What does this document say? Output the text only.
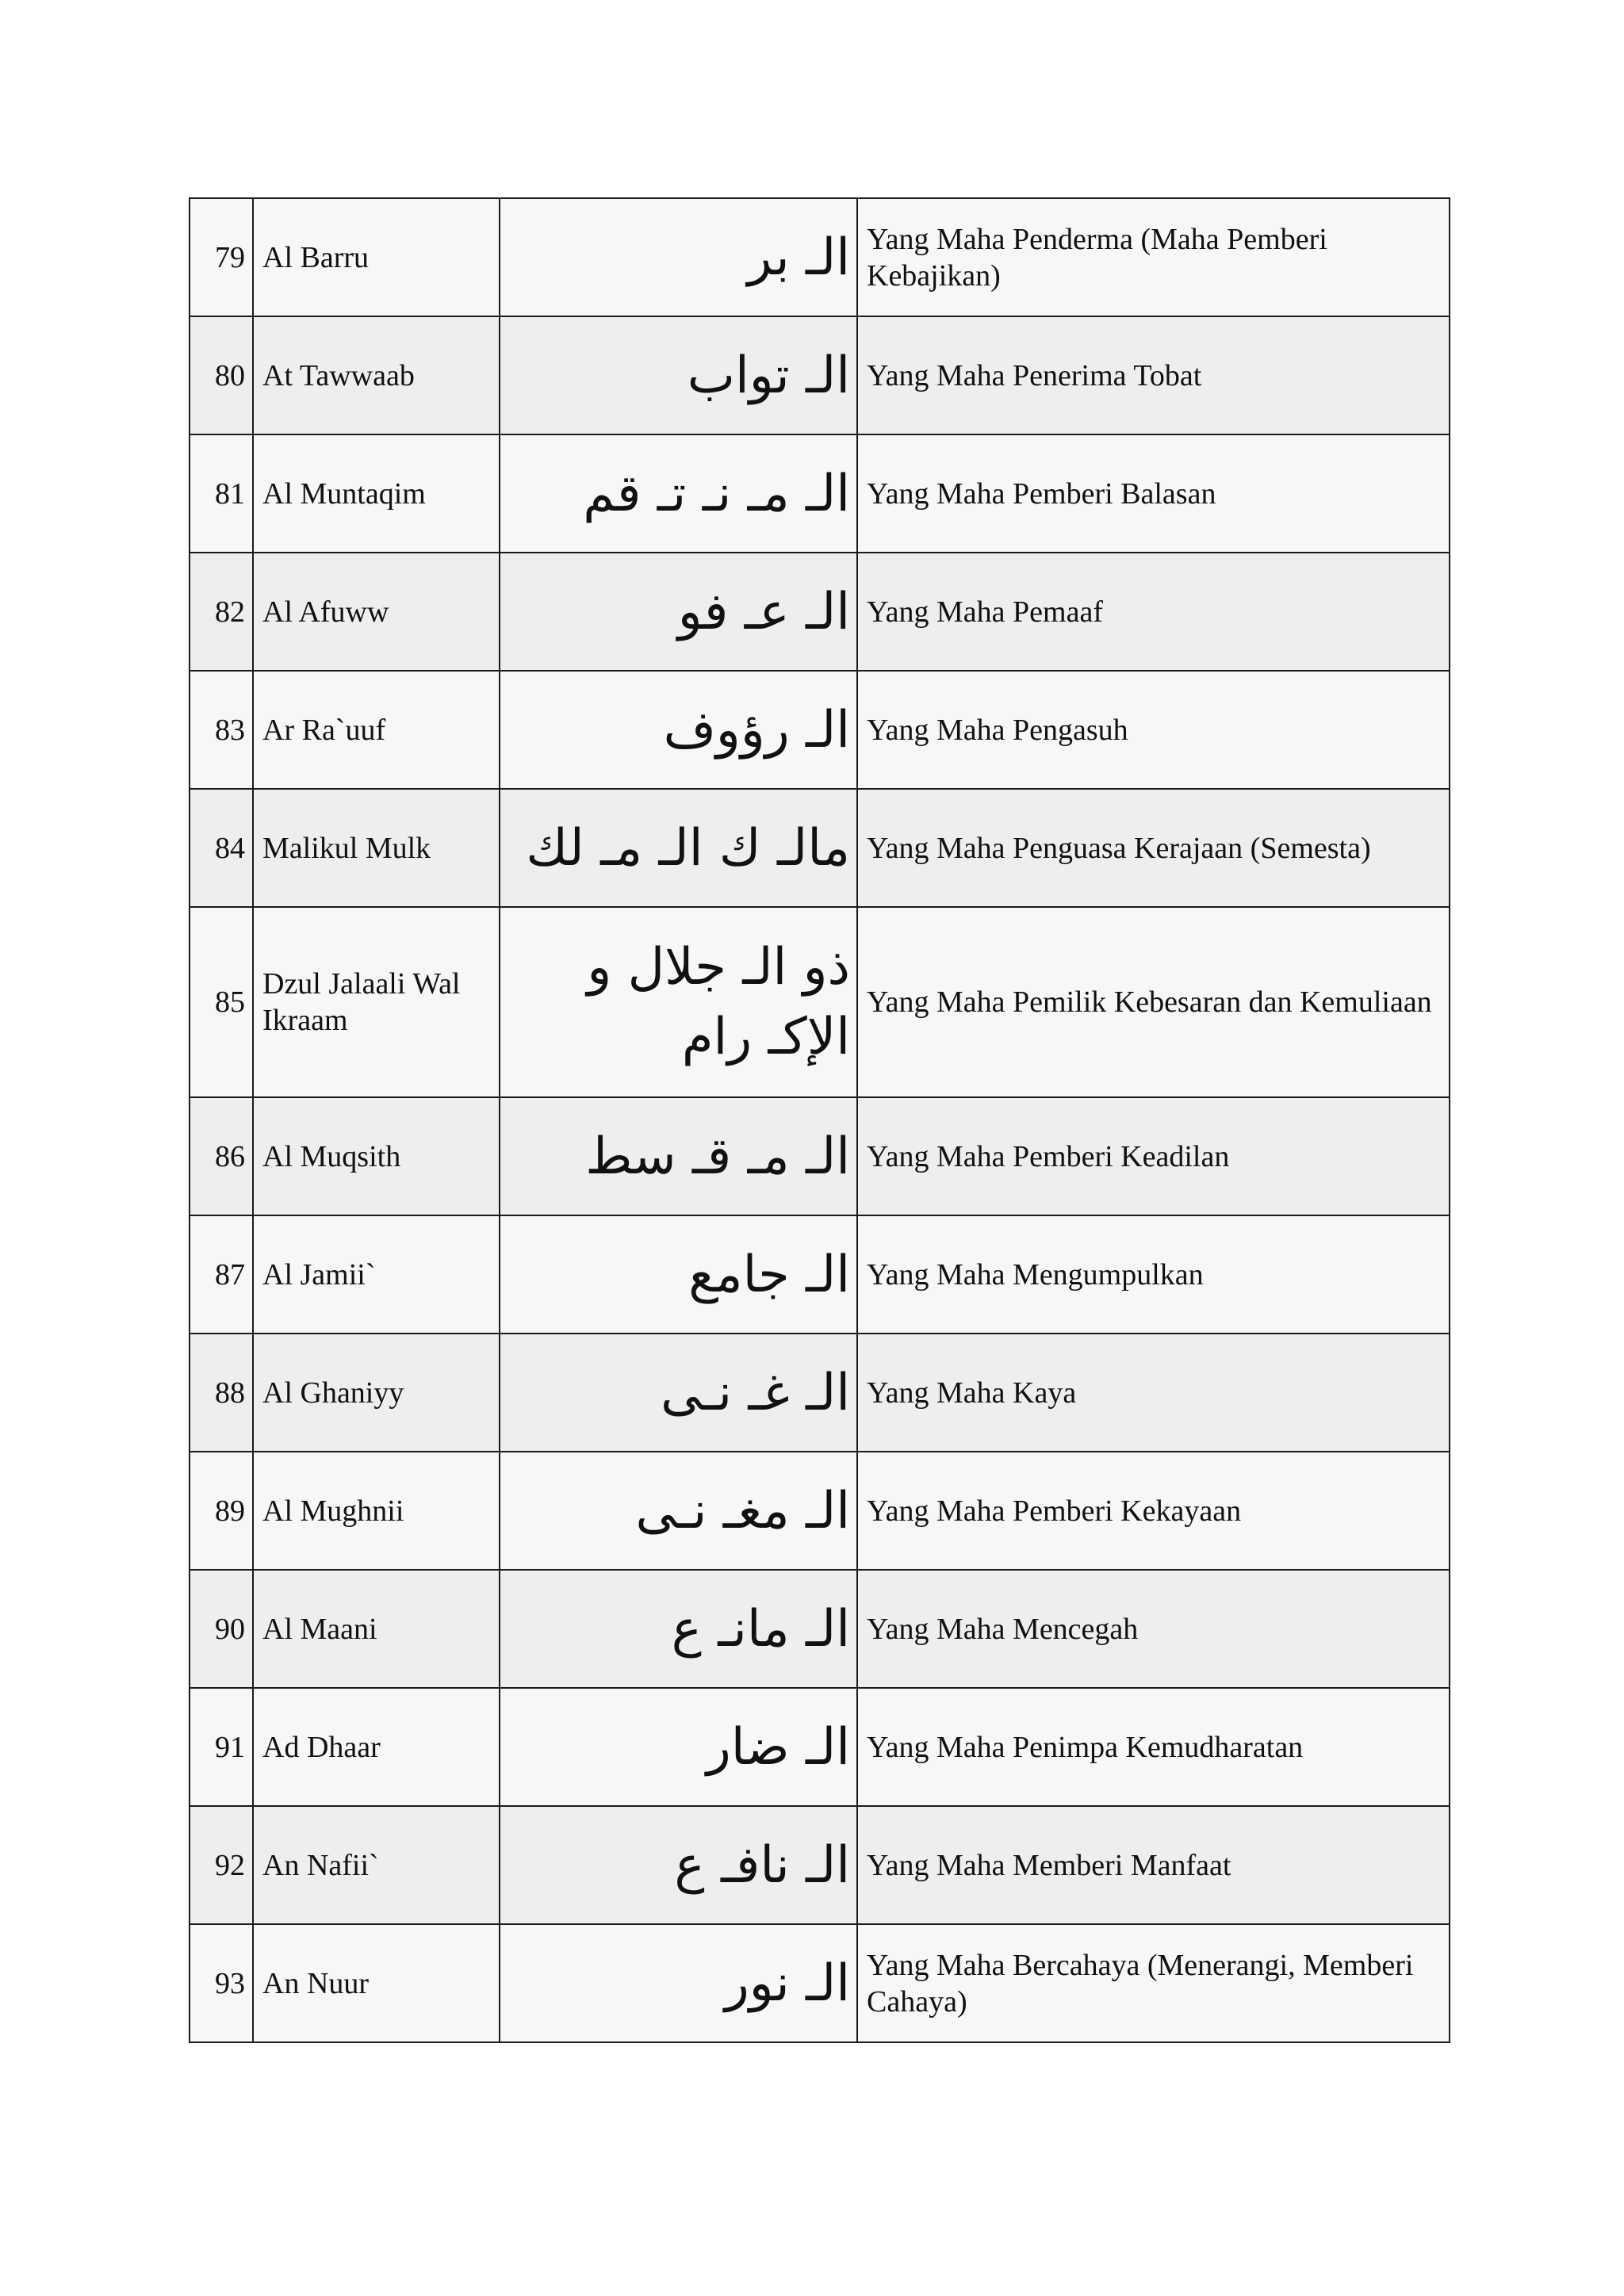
79	Al Barru	الـ بر	Yang Maha Penderma (Maha Pemberi Kebajikan)
80	At Tawwaab	الـ تواب	Yang Maha Penerima Tobat
81	Al Muntaqim	الـ مـ نـ تـ قم	Yang Maha Pemberi Balasan
82	Al Afuww	الـ عـ فو	Yang Maha Pemaaf
83	Ar Ra`uuf	الـ رؤوف	Yang Maha Pengasuh
84	Malikul Mulk	مالـ ك الـ مـ لك	Yang Maha Penguasa Kerajaan (Semesta)
85	Dzul Jalaali Wal Ikraam	ذو الـ جلال و الإكـ رام	Yang Maha Pemilik Kebesaran dan Kemuliaan
86	Al Muqsith	الـ مـ قـ سط	Yang Maha Pemberi Keadilan
87	Al Jamii`	الـ جامع	Yang Maha Mengumpulkan
88	Al Ghaniyy	الـ غـ نـى	Yang Maha Kaya
89	Al Mughnii	الـ مغـ نـى	Yang Maha Pemberi Kekayaan
90	Al Maani	الـ مانـ ع	Yang Maha Mencegah
91	Ad Dhaar	الـ ضار	Yang Maha Penimpa Kemudharatan
92	An Nafii`	الـ نافـ ع	Yang Maha Memberi Manfaat
93	An Nuur	الـ نور	Yang Maha Bercahaya (Menerangi, Memberi Cahaya)
